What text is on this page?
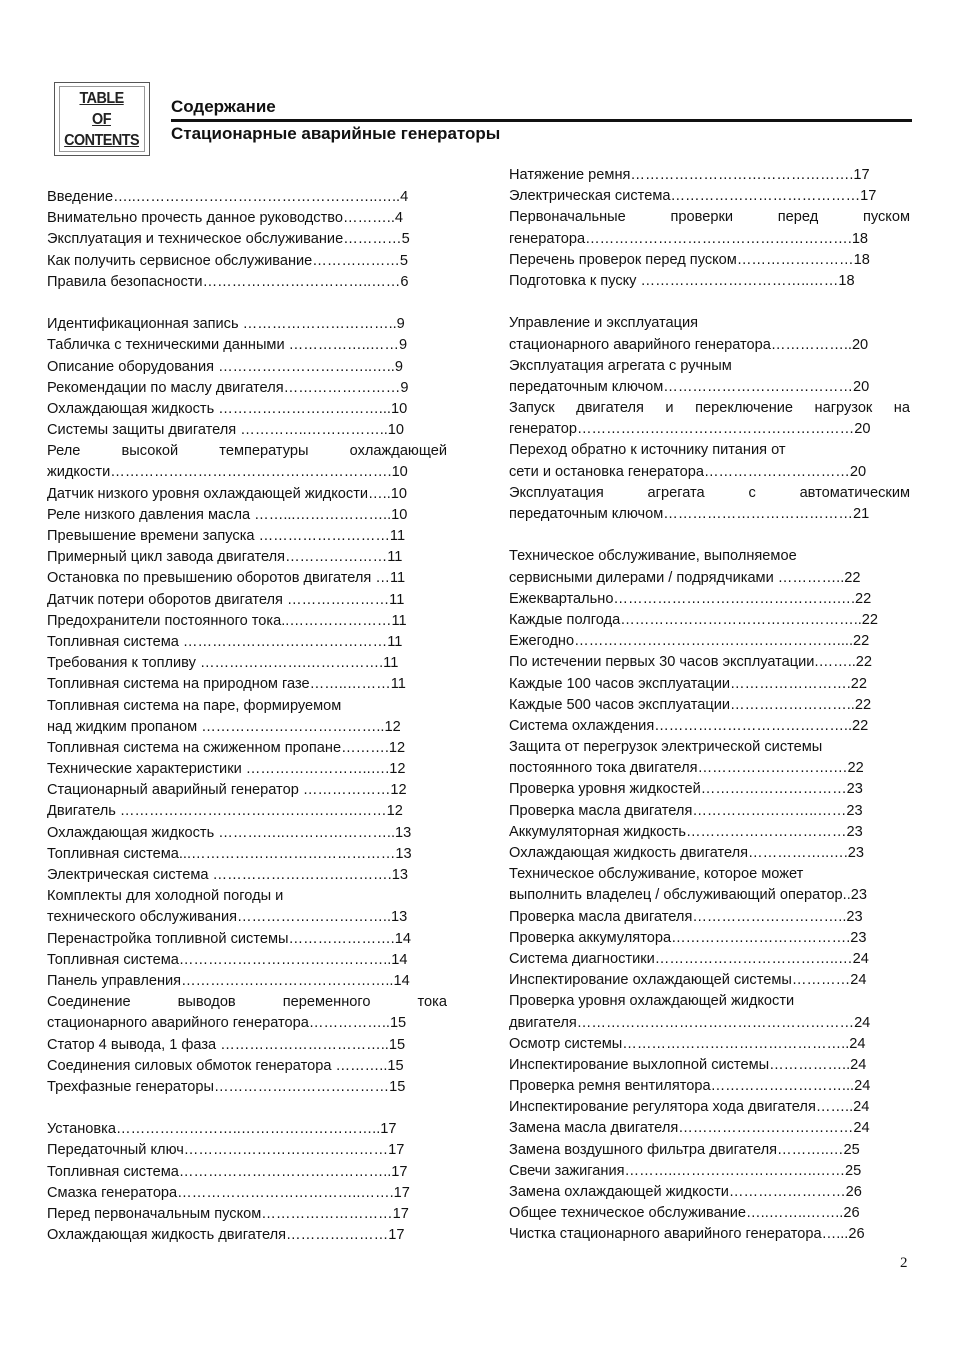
TABLE
OF
CONTENTS
Содержание
Стационарные аварийные генераторы
Введение…..…………………………………………..…..4
Внимательно прочесть данное руководство………..4
Эксплуатация и техническое обслуживание…………5
Как получить сервисное обслуживание………………5
Правила безопасности……………………………..……6
Идентификационная запись …………………………..9
Табличка с техническими данными ……………..……9
Описание оборудования …………………………..…..9
Рекомендации по маслу двигателя……………………9
Охлаждающая жидкость ……………………………...10
Системы защиты двигателя …………..……………..10
Реле высокой температуры охлаждающей
жидкости………………………………………………….10
Датчик низкого уровня охлаждающей жидкости…..10
Реле низкого давления масла ……...………………..10
Превышение времени запуска ………………………11
Примерный цикл завода двигателя…………………11
Остановка по превышению оборотов двигателя …11
Датчик потери оборотов двигателя …………………11
Предохранители постоянного тока..…………………11
Топливная система ……………………………………11
Требования к топливу ………………….…………….11
Топливная система на природном газе……..………11
Топливная система на паре, формируемом
над жидким пропаном ………………………………..12
Топливная система на сжиженном пропане……….12
Технические характеристики ……………………..….12
Стационарный аварийный генератор ………………12
Двигатель ………………………………………….……12
Охлаждающая жидкость …………..…………………..13
Топливная система...……………………………………13
Электрическая система ……………………………….13
Комплекты для холодной погоды и
технического обслуживания…………………………..13
Перенастройка топливной системы………………….14
Топливная система……………………………………..14
Панель управления……………………………………..14
Соединение выводов переменного тока
стационарного аварийного генератора……………..15
Статор 4 вывода, 1 фаза ……………………………..15
Соединения силовых обмоток генератора ………..15
Трехфазные генераторы………………………………15
Установка……………………..………………………..17
Передаточный ключ……………………………………17
Топливная система……………………………………..17
Смазка генератора………………………………..…….17
Перед первоначальным пуском………………………17
Охлаждающая жидкость двигателя…………………17
Натяжение ремня……………………………………….17
Электрическая система…………………………………17
Первоначальные проверки перед пуском
генератора……………………………………………….18
Перечень проверок перед пуском……………………18
Подготовка к пуску ……………………………..……18
Управление и эксплуатация
стационарного аварийного генератора……………..20
Эксплуатация агрегата с ручным
передаточным ключом…………………………………20
Запуск двигателя и переключение нагрузок на
генератор…………………………………………………20
Переход обратно к источнику питания от
сети и остановка генератора…………………………20
Эксплуатация агрегата с автоматическим
передаточным ключом…………………………………21
Техническое обслуживание, выполняемое
сервисными дилерами / подрядчиками …………..22
Ежеквартально……………………………………….….22
Каждые полгода…………………………………………..22
Ежегодно………………………………………………....22
По истечении первых 30 часов эксплуатации.……..22
Каждые 100 часов эксплуатации…………………….22
Каждые 500 часов эксплуатации……………………..22
Система охлаждения…………………………………..22
Защита от перегрузок электрической системы
постоянного тока двигателя……………………….…22
Проверка уровня жидкостей…………………………23
Проверка масла двигателя……………………..……23
Аккумуляторная жидкость……………………………23
Охлаждающая жидкость двигателя……………..….23
Техническое обслуживание, которое может
выполнить владелец / обслуживающий оператор..23
Проверка масла двигателя…………………………..23
Проверка аккумулятора……………………………….23
Система диагностики………………………………..…24
Инспектирование охлаждающей системы…………24
Проверка уровня охлаждающей жидкости
двигателя…………………………………………………24
Осмотр системы………………………………………..24
Инспектирование выхлопной системы……………..24
Проверка ремня вентилятора………………………...24
Инспектирование регулятора хода двигателя……..24
Замена масла двигателя………………………………24
Замена воздушного фильтра двигателя………..…25
Свечи зажигания………..………………………..……25
Замена охлаждающей жидкости……………………26
Общее техническое обслуживание…..……..……..26
Чистка стационарного аварийного генератора…...26
2
